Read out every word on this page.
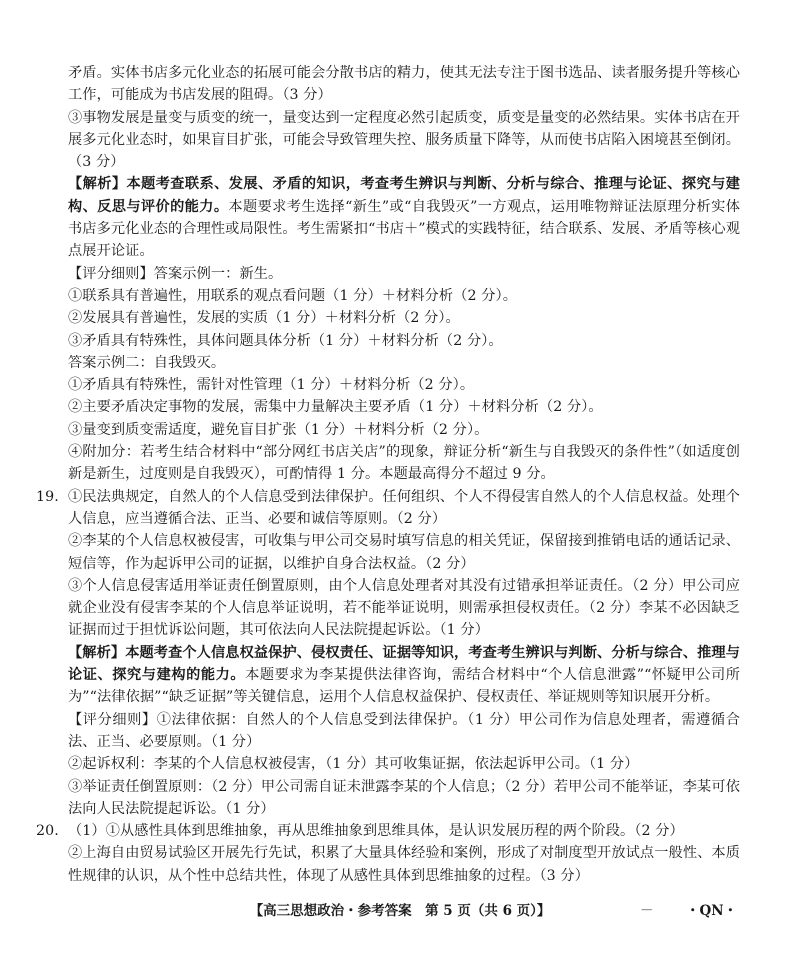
矛盾。实体书店多元化业态的拓展可能会分散书店的精力，使其无法专注于图书选品、读者服务提升等核心工作，可能成为书店发展的阻碍。（3 分）

③事物发展是量变与质变的统一，量变达到一定程度必然引起质变，质变是量变的必然结果。实体书店在开展多元化业态时，如果盲目扩张，可能会导致管理失控、服务质量下降等，从而使书店陷入困境甚至倒闭。（3 分）

【解析】本题考查联系、发展、矛盾的知识，考查考生辨识与判断、分析与综合、推理与论证、探究与建构、反思与评价的能力。本题要求考生选择“新生”或“自我毁灭”一方观点，运用唯物辩证法原理分析实体书店多元化业态的合理性或局限性。考生需紧扣“书店＋”模式的实践特征，结合联系、发展、矛盾等核心观点展开论证。

【评分细则】答案示例一：新生。

①联系具有普遍性，用联系的观点看问题（1 分）＋材料分析（2 分）。

②发展具有普遍性，发展的实质（1 分）＋材料分析（2 分）。

③矛盾具有特殊性，具体问题具体分析（1 分）＋材料分析（2 分）。

答案示例二：自我毁灭。

①矛盾具有特殊性，需针对性管理（1 分）＋材料分析（2 分）。

②主要矛盾决定事物的发展，需集中力量解决主要矛盾（1 分）＋材料分析（2 分）。

③量变到质变需适度，避免盲目扩张（1 分）＋材料分析（2 分）。

④附加分：若考生结合材料中“部分网红书店关店”的现象，辩证分析“新生与自我毁灭的条件性”（如适度创新是新生，过度则是自我毁灭），可酌情得 1 分。本题最高得分不超过 9 分。

19. ①民法典规定，自然人的个人信息受到法律保护。任何组织、个人不得侵害自然人的个人信息权益。处理个人信息，应当遵循合法、正当、必要和诚信等原则。（2 分）

②李某的个人信息权被侵害，可收集与甲公司交易时填写信息的相关凭证，保留接到推销电话的通话记录、短信等，作为起诉甲公司的证据，以维护自身合法权益。（2 分）

③个人信息侵害适用举证责任倒置原则，由个人信息处理者对其没有过错承担举证责任。（2 分）甲公司应就企业没有侵害李某的个人信息举证说明，若不能举证说明，则需承担侵权责任。（2 分）李某不必因缺乏证据而过于担忧诉讼问题，其可依法向人民法院提起诉讼。（1 分）

【解析】本题考查个人信息权益保护、侵权责任、证据等知识，考查考生辨识与判断、分析与综合、推理与论证、探究与建构的能力。本题要求为李某提供法律咨询，需结合材料中“个人信息泄露”“怀疑甲公司所为”“法律依据”“缺乏证据”等关键信息，运用个人信息权益保护、侵权责任、举证规则等知识展开分析。

【评分细则】①法律依据：自然人的个人信息受到法律保护。（1 分）甲公司作为信息处理者，需遵循合法、正当、必要原则。（1 分）

②起诉权利：李某的个人信息权被侵害，（1 分）其可收集证据，依法起诉甲公司。（1 分）

③举证责任倒置原则：（2 分）甲公司需自证未泄露李某的个人信息；（2 分）若甲公司不能举证，李某可依法向人民法院提起诉讼。（1 分）

20. （1）①从感性具体到思维抽象，再从思维抽象到思维具体，是认识发展历程的两个阶段。（2 分）

②上海自由贸易试验区开展先行先试，积累了大量具体经验和案例，形成了对制度型开放试点一般性、本质性规律的认识，从个性中总结共性，体现了从感性具体到思维抽象的过程。（3 分）

【高三思想政治・参考答案　第 5 页（共 6 页）】	－ ・QN・
